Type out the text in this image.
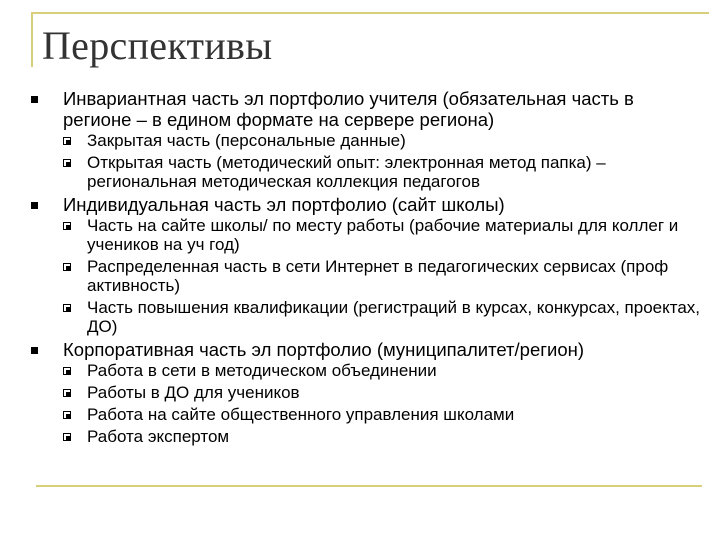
Перспективы
Инвариантная часть эл портфолио учителя (обязательная часть в регионе – в едином формате на сервере региона)
Закрытая часть (персональные данные)
Открытая часть (методический опыт: электронная метод папка) – региональная методическая коллекция педагогов
Индивидуальная часть эл портфолио (сайт школы)
Часть на сайте школы/ по месту работы (рабочие материалы для коллег и учеников на уч год)
Распределенная часть в сети Интернет в педагогических сервисах (проф активность)
Часть повышения квалификации (регистраций в курсах, конкурсах, проектах, ДО)
Корпоративная часть эл портфолио (муниципалитет/регион)
Работа в сети в методическом объединении
Работы в ДО для учеников
Работа на сайте общественного управления школами
Работа экспертом
